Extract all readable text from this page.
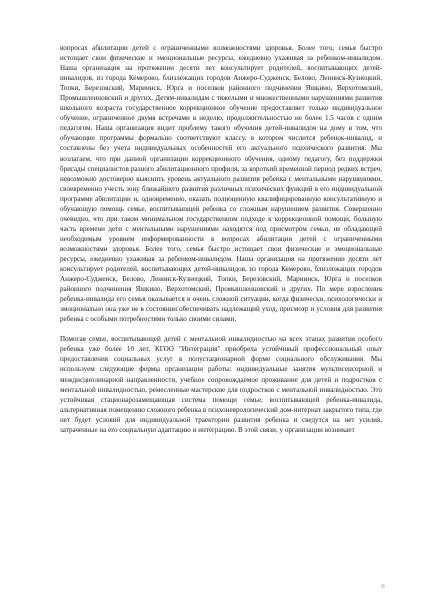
вопросах абилитации детей с ограниченными возможностями здоровья. Более того, семья быстро истощает свои физические и эмоциональные ресурсы, ежедневно ухаживая за ребенком-инвалидом. Наша организация на протяжении десяти лет консультирует родителей, воспитывающих детей-инвалидов, из города Кемерово, близлежащих городов Анжеро-Судженск, Белово, Ленинск-Кузнецкий, Топки, Березовский, Мариинск, Юрга и поселков районного подчинения Яшкино, Верхотомский, Промышленновский и других. Детям-инвалидам с тяжелыми и множественными нарушениями развития школьного возраста государственное коррекционное обучение предоставляет только индивидуальное обучение, ограниченное двумя встречами в неделю, продолжительностью не более 1.5 часов с одним педагогом. Наша организация видит проблему такого обучения детей-инвалидов на дому в том, что обучающие программы формально соответствуют классу, в котором числится ребенок-инвалид, и составлены без учета индивидуальных особенностей его актуального психического развития. Мы возлагаем, что при данной организации коррекционного обучения, одному педагогу, без поддержки бригады специалистов разного абилитационного профиля, за короткий временной период редких встреч, невозможно достоверно выяснить уровень актуального развития ребенка с ментальными нарушениями, своевременно учесть зону ближайшего развития различных психических функций в его индивидуальной программе абилитации и, одновременно, оказать полноценную квалифицированную консультативную и обучающую помощь семье, воспитывающей ребенка со сложным нарушением развития. Совершенно очевидно, что при таком минимальном государственном подходе к коррекционной помощи, большую часть времени дети с ментальными нарушениями находятся под присмотром семьи, не обладающей необходимым уровнем информированности в вопросах абилитации детей с ограниченными возможностями здоровья. Более того, семья быстро истощает свои физические и эмоциональные ресурсы, ежедневно ухаживая за ребенком-инвалидом. Наша организация на протяжении десяти лет консультирует родителей, воспитывающих детей-инвалидов, из города Кемерово, близлежащих городов Анжеро-Судженск, Белово, Ленинск-Кузнецкий, Топки, Березовский, Мариинск, Юрга и поселков районного подчинения Яшкино, Верхотомский, Промышленновский и других. По мере взросления ребенка-инвалида его семья оказывается в очень сложной ситуации, когда физически, психологически и эмоционально она уже не в состоянии обеспечивать надлежащий уход, присмотр и условия для развития ребенка с особыми потребностями только своими силами.

Помогая семье, воспитывающей детей с ментальной инвалидностью на всех этапах развития особого ребенка уже более 10 лет, КГОО "Интеграция" приобрела устойчивый профессиональный опыт предоставления социальных услуг в полустационарной форме социального обслуживания. Мы используем следующие формы организации работы: индивидуальные занятия мультисенсорной и междисциплинарной направленности, учебное сопровождаемое проживание для детей и подростков с ментальной инвалидностью, ремесленные мастерские для подростков с ментальной инвалидностью. Это устойчивая стационарозамещающая система помощи семье, воспитывающей ребенка-инвалида, альтернативная помещению сложного ребенка в психоневрологический дом-интернат закрытого типа, где нет будет условий для индивидуальной траектории развития ребенка и сведутся на нет усилия, затраченные на его социальную адаптацию и интеграцию. В этой связи, у организации возникает
